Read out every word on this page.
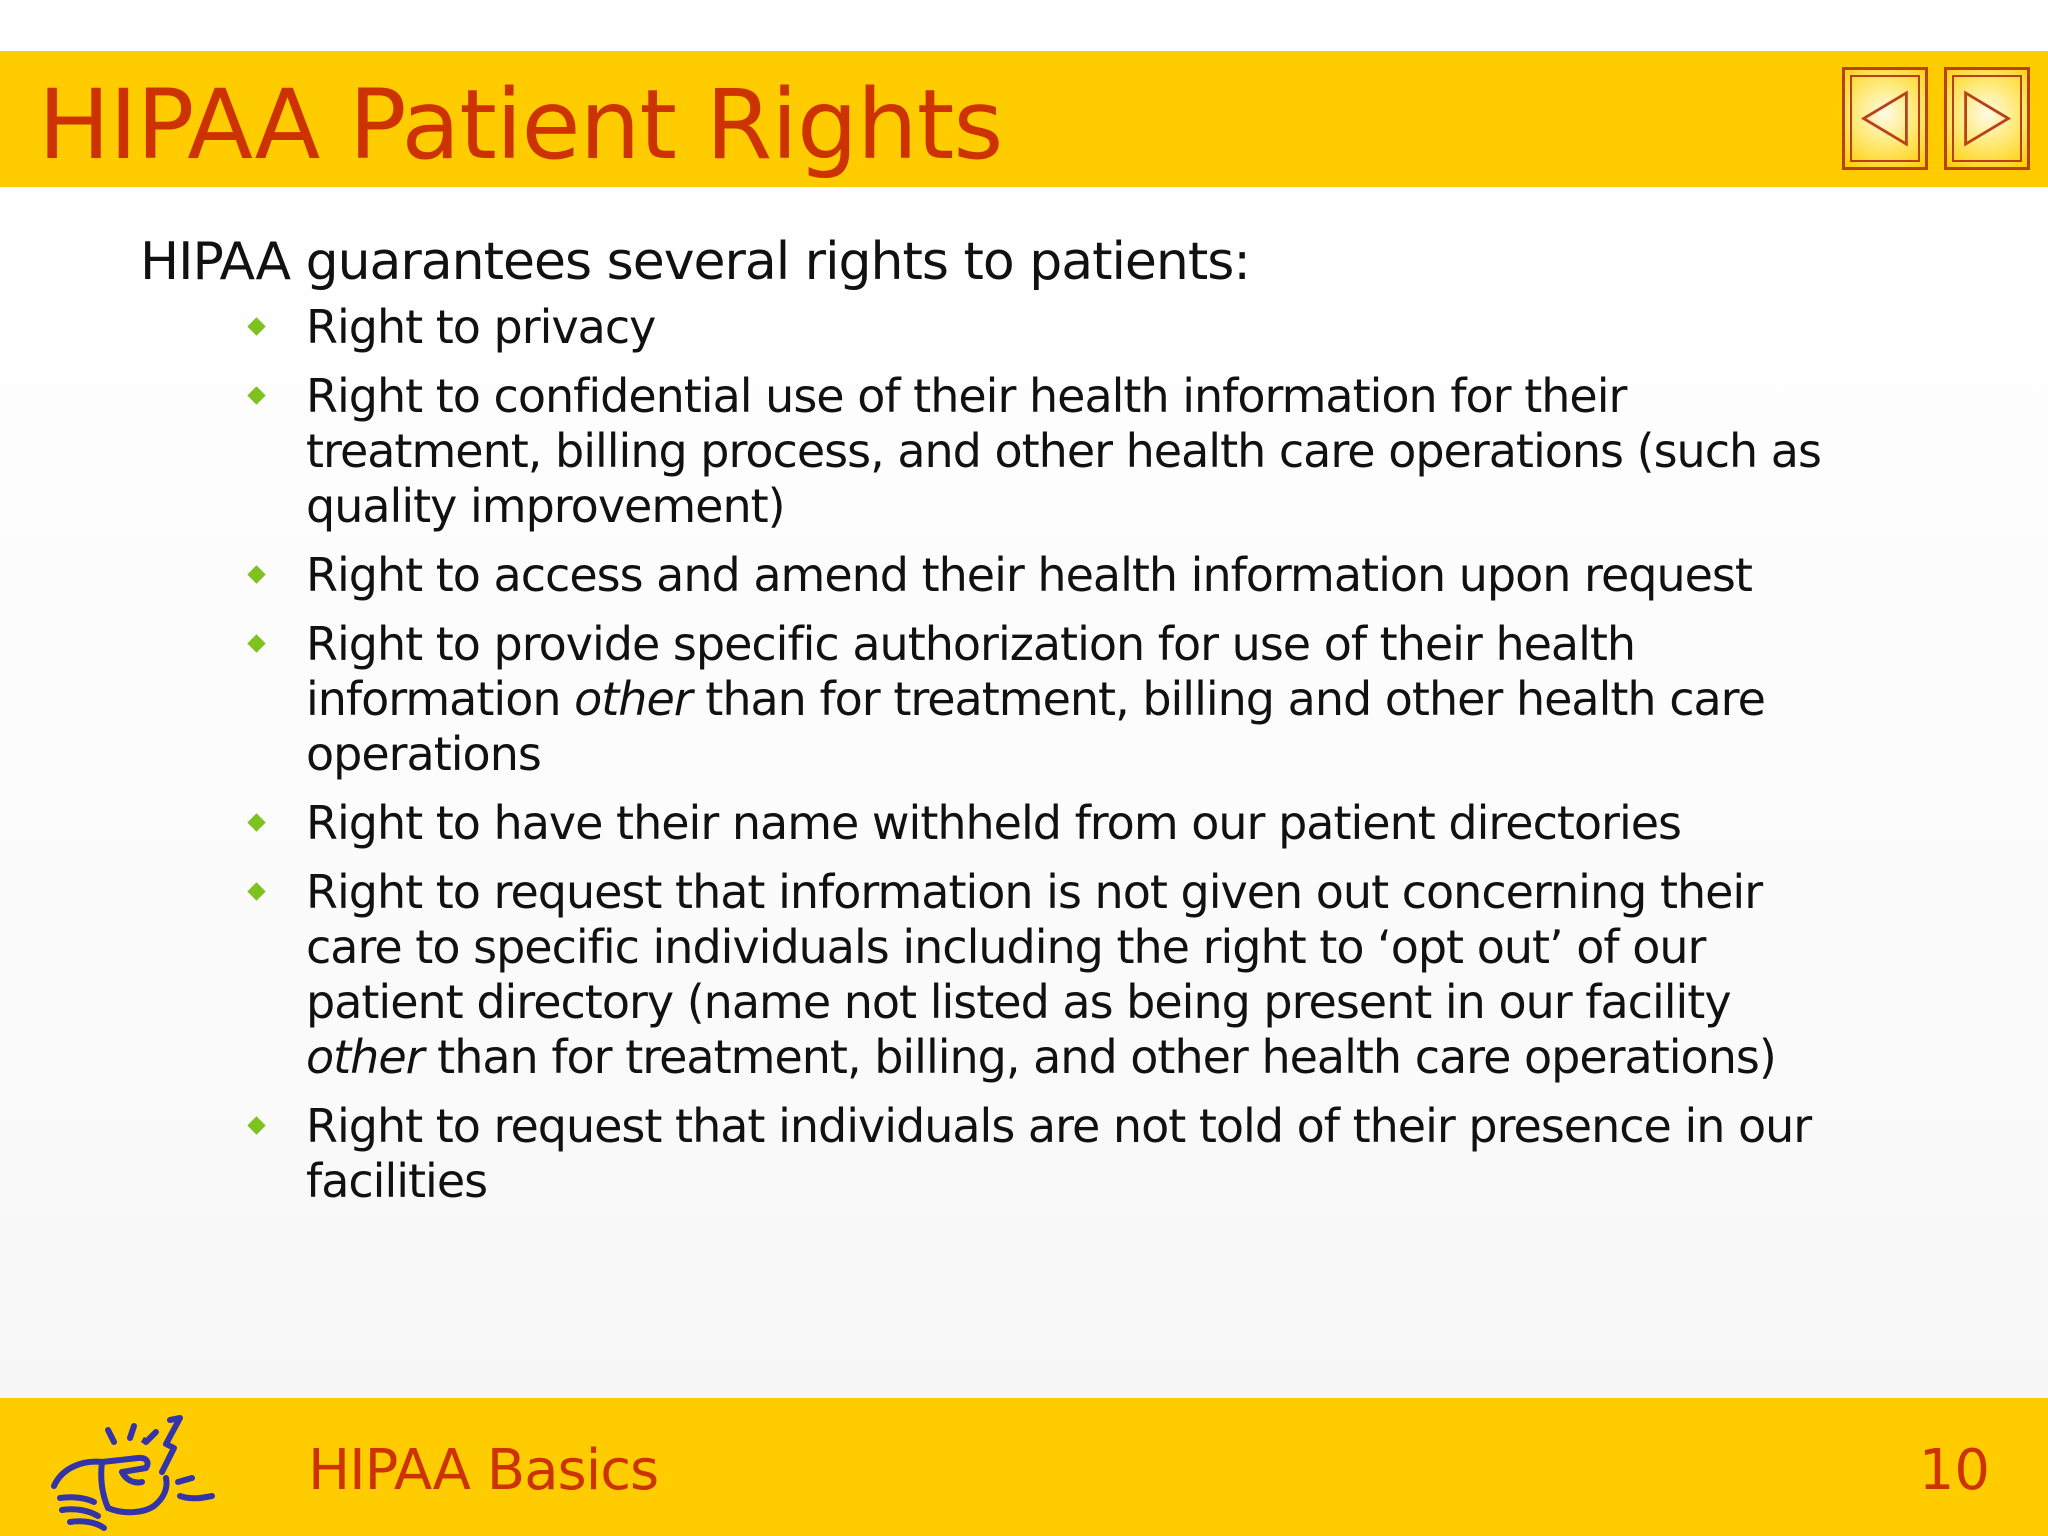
HIPAA Patient Rights

HIPAA guarantees several rights to patients:

Right to privacy
Right to confidential use of their health information for their treatment, billing process, and other health care operations (such as quality improvement)
Right to access and amend their health information upon request
Right to provide specific authorization for use of their health information other than for treatment, billing and other health care operations
Right to have their name withheld from our patient directories
Right to request that information is not given out concerning their care to specific individuals including the right to ‘opt out’ of our patient directory (name not listed as being present in our facility other than for treatment, billing, and other health care operations)
Right to request that individuals are not told of their presence in our facilities

HIPAA Basics	10
